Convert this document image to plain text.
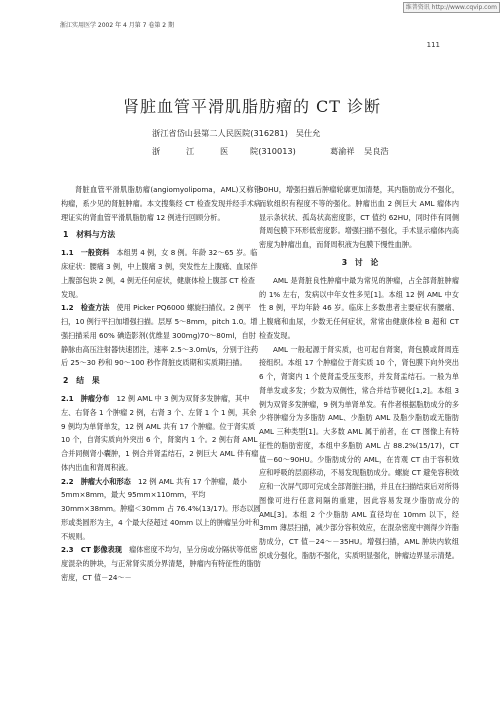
维普资讯 http://www.cqvip.com
浙江实用医学 2002 年 4 月第 7 卷第 2 期
111
肾脏血管平滑肌脂肪瘤的 CT 诊断
浙江省岱山县第二人民医院(316281) 吴仕允
浙	江	医	院(310013)	葛渝祥 吴良浩

肾脏血管平滑肌脂肪瘤(angiomyolipoma，AML)又称错构瘤，系少见的肾脏肿瘤。本文搜集经 CT 检查发现并经手术病理证实的肾血管平滑肌脂肪瘤 12 例进行回顾分析。

1　材料与方法

1.1　一般资料　 本组男 4 例，女 8 例。年龄 32～65 岁。临床症状：腰痛 3 例，中上腹痛 3 例，突发性左上腹痛、血尿伴上腹部包块 2 例，4 例无任何症状，健康体检上腹部 CT 检查发现。

1.2　检查方法　 使用 Picker PQ6000 螺旋扫描仪。2 例平扫，10 例行平扫加增强扫描。层厚 5～8mm，pitch 1.0。增强扫描采用 60% 碘造影剂(优维显 300mg)70～80ml，自肘静脉由高压注射器快速团注，速率 2.5～3.0ml/s，分别于注药后 25～30 秒和 90～100 秒作肾脏皮质期和实质期扫描。

2　结　果

2.1　肿瘤分布　 12 例 AML 中 3 例为双肾多发肿瘤，其中左、右肾各 1 个肿瘤 2 例，右肾 3 个、左肾 1 个 1 例，其余 9 例均为单肾单发，12 例 AML 共有 17 个肿瘤。位于肾实质 10 个，自肾实质向外突出 6 个，肾窦内 1 个。2 例右肾 AML 合并同侧肾小囊肿，1 例合并肾盂结石，2 例巨大 AML 伴有瘤体内出血和肾周积液。

2.2　肿瘤大小和形态　 12 例 AML 共有 17 个肿瘤，最小 5mm×8mm，最大 95mm×110mm，平均 30mm×38mm。肿瘤＜30mm 占 76.4%(13/17)。形态以圆形或类圆形为主，4 个最大径超过 40mm 以上的肿瘤呈分叶和不规则。

2.3　CT 影像表现　 瘤体密度不均匀，呈分房或分隔状等低密度混杂的肿块，与正常肾实质分界清楚，肿瘤内有特征性的脂肪密度，CT 值－24～－

90HU，增强扫描后肿瘤轮廓更加清楚，其内脂肪成分不强化，而软组织有程度不等的强化。肿瘤出血 2 例巨大 AML 瘤体内显示条状状、孤岛状高密度影，CT 值约 62HU，同时伴有同侧肾周包膜下环形低密度影。增强扫描不强化，手术显示瘤体内高密度为肿瘤出血，而肾周积液为包膜下慢性血肿。

3　讨　论

AML 是肾脏良性肿瘤中最为常见的肿瘤，占全部肾脏肿瘤的 1% 左右，发病以中年女性多见[1]。本组 12 例 AML 中女性 8 例，平均年龄 46 岁。临床上多数患者主要症状有腰痛、上腹痛和血尿，少数无任何症状，常常由健康体检 B 超和 CT 检查发现。

AML 一般起源于肾实质，也可起自肾窦，肾包膜或肾周连接组织。本组 17 个肿瘤位于肾实质 10 个，肾包膜下向外突出 6 个，肾窦内 1 个使肾盂受压变形，并发肾盂结石。一般为单肾单发或多发；少数为双侧性，常合并结节硬化[1,2]。本组 3 例为双肾多发肿瘤，9 例为单肾单发。有作者根据脂肪成分的多少将肿瘤分为多脂肪 AML、少脂肪 AML 及脂少脂肪或无脂肪 AML 三种类型[1]。大多数 AML 属于前者，在 CT 图像上有特征性的脂肪密度，本组中多脂肪 AML 占 88.2%(15/17)，CT 值－60～90HU。少脂肪成分的 AML，在肯观 CT 由于容积效应和呼吸的层面移动，不易发现脂肪成分。螺旋 CT 避免容积效应和一次屏气即可完成全部肾脏扫描，并且在扫描结束后对所得图像可进行任意间隔的重建，因此容易发现少脂肪成分的 AML[3]。本组 2 个少脂肪 AML 直径均在 10mm 以下，经 3mm 薄层扫描，减少部分容积效应，在混杂密度中测得少许脂肪成分，CT 值－24～－35HU。增强扫描，AML 肿块内软组织成分强化，脂肪不强化，实质明显强化，肿瘤边界显示清楚。
